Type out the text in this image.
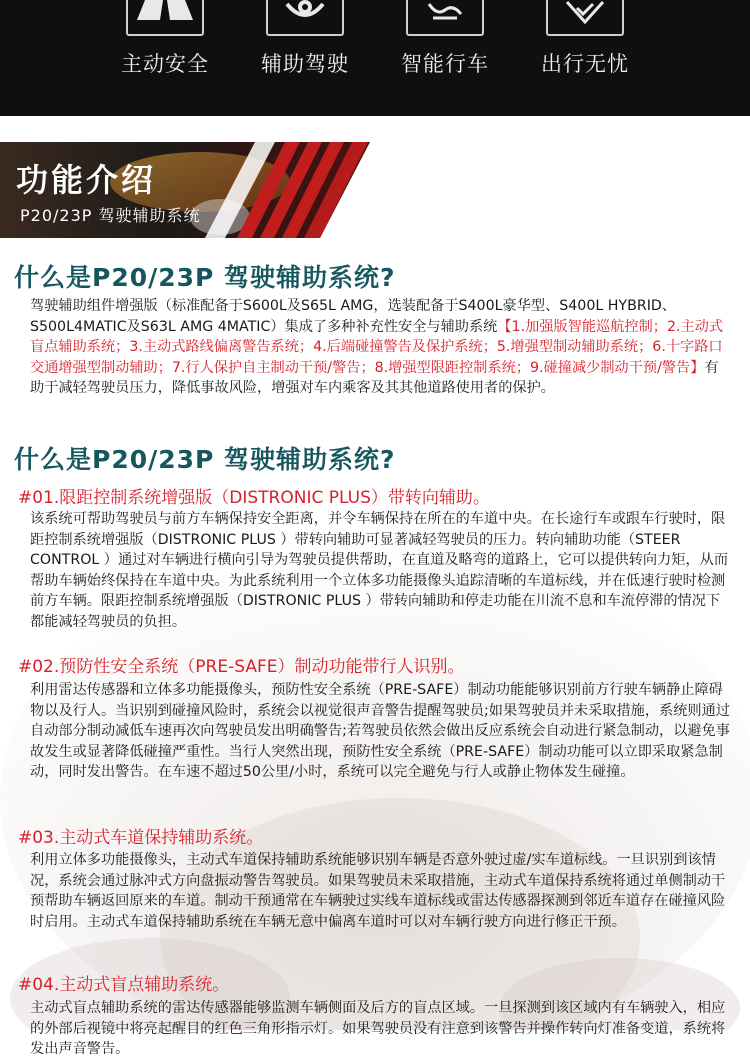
主动安全	辅助驾驶	智能行车	出行无忧
功能介绍
P20/23P 驾驶辅助系统
什么是P20/23P 驾驶辅助系统?
驾驶辅助组件增强版（标准配备于S600L及S65L AMG，选装配备于S400L豪华型、S400L HYBRID、S500L4MATIC及S63L AMG 4MATIC）集成了多种补充性安全与辅助系统【1.加强版智能巡航控制；2.主动式盲点辅助系统；3.主动式路线偏离警告系统；4.后端碰撞警告及保护系统；5.增强型制动辅助系统；6.十字路口交通增强型制动辅助；7.行人保护自主制动干预/警告；8.增强型限距控制系统；9.碰撞减少制动干预/警告】有助于减轻驾驶员压力，降低事故风险，增强对车内乘客及其其他道路使用者的保护。
什么是P20/23P 驾驶辅助系统?
#01.限距控制系统增强版（DISTRONIC PLUS）带转向辅助。
该系统可帮助驾驶员与前方车辆保持安全距离，并令车辆保持在所在的车道中央。在长途行车或跟车行驶时，限距控制系统增强版（DISTRONIC PLUS ）带转向辅助可显著减轻驾驶员的压力。转向辅助功能（STEER CONTROL ）通过对车辆进行横向引导为驾驶员提供帮助，在直道及略弯的道路上，它可以提供转向力矩，从而帮助车辆始终保持在车道中央。为此系统利用一个立体多功能摄像头追踪清晰的车道标线，并在低速行驶时检测前方车辆。限距控制系统增强版（DISTRONIC PLUS ）带转向辅助和停走功能在川流不息和车流停滞的情况下都能减轻驾驶员的负担。
#02.预防性安全系统（PRE-SAFE）制动功能带行人识别。
利用雷达传感器和立体多功能摄像头，预防性安全系统（PRE-SAFE）制动功能能够识别前方行驶车辆静止障碍物以及行人。当识别到碰撞风险时，系统会以视觉很声音警告提醒驾驶员;如果驾驶员并未采取措施，系统则通过自动部分制动减低车速再次向驾驶员发出明确警告;若驾驶员依然会做出反应系统会自动进行紧急制动，以避免事故发生或显著降低碰撞严重性。当行人突然出现，预防性安全系统（PRE-SAFE）制动功能可以立即采取紧急制动，同时发出警告。在车速不超过50公里/小时，系统可以完全避免与行人或静止物体发生碰撞。
#03.主动式车道保持辅助系统。
利用立体多功能摄像头，主动式车道保持辅助系统能够识别车辆是否意外驶过虚/实车道标线。一旦识别到该情况，系统会通过脉冲式方向盘振动警告驾驶员。如果驾驶员未采取措施，主动式车道保持系统将通过单侧制动干预帮助车辆返回原来的车道。制动干预通常在车辆驶过实线车道标线或雷达传感器探测到邻近车道存在碰撞风险时启用。主动式车道保持辅助系统在车辆无意中偏离车道时可以对车辆行驶方向进行修正干预。
#04.主动式盲点辅助系统。
主动式盲点辅助系统的雷达传感器能够监测车辆侧面及后方的盲点区域。一旦探测到该区域内有车辆驶入，相应的外部后视镜中将亮起醒目的红色三角形指示灯。如果驾驶员没有注意到该警告并操作转向灯准备变道，系统将发出声音警告。
